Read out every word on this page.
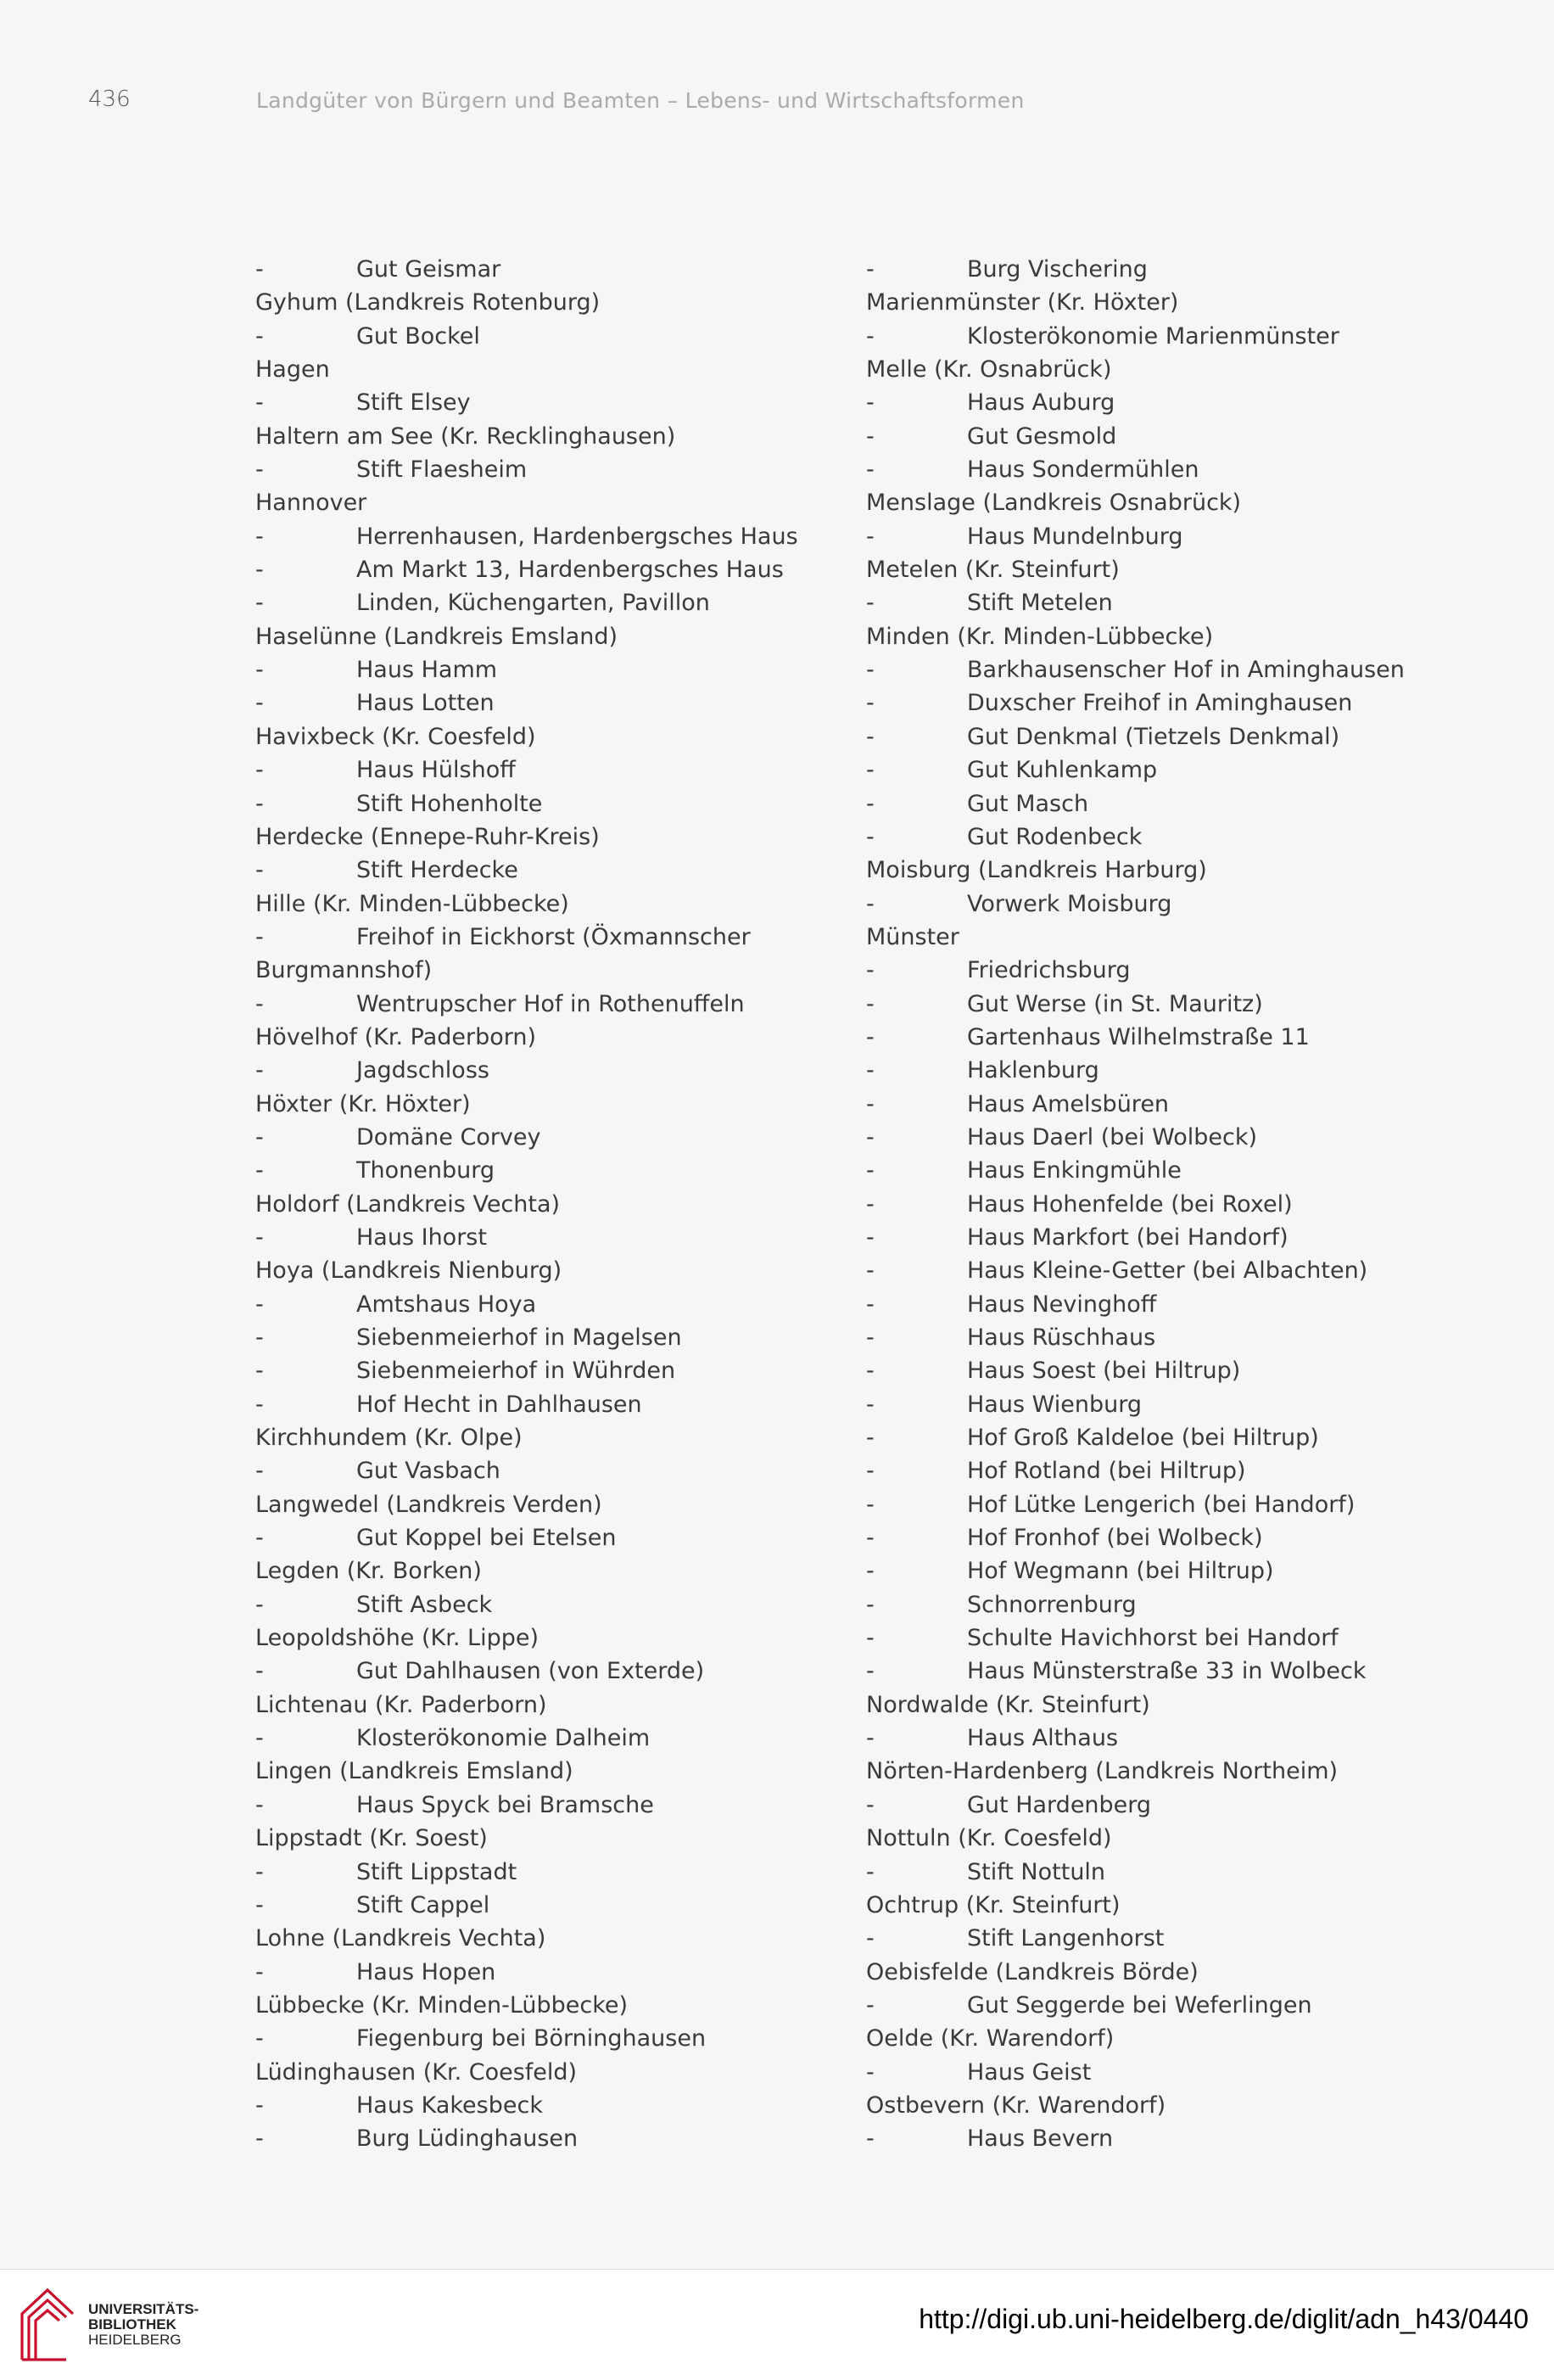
436	Landgüter von Bürgern und Beamten – Lebens- und Wirtschaftsformen
-	Gut Geismar
Gyhum (Landkreis Rotenburg)
-	Gut Bockel
Hagen
-	Stift Elsey
Haltern am See (Kr. Recklinghausen)
-	Stift Flaesheim
Hannover
-	Herrenhausen, Hardenbergsches Haus
-	Am Markt 13, Hardenbergsches Haus
-	Linden, Küchengarten, Pavillon
Haselünne (Landkreis Emsland)
-	Haus Hamm
-	Haus Lotten
Havixbeck (Kr. Coesfeld)
-	Haus Hülshoff
-	Stift Hohenholte
Herdecke (Ennepe-Ruhr-Kreis)
-	Stift Herdecke
Hille (Kr. Minden-Lübbecke)
-	Freihof in Eickhorst (Öxmannscher
Burgmannshof)
-	Wentrupscher Hof in Rothenuffeln
Hövelhof (Kr. Paderborn)
-	Jagdschloss
Höxter (Kr. Höxter)
-	Domäne Corvey
-	Thonenburg
Holdorf (Landkreis Vechta)
-	Haus Ihorst
Hoya (Landkreis Nienburg)
-	Amtshaus Hoya
-	Siebenmeierhof in Magelsen
-	Siebenmeierhof in Wührden
-	Hof Hecht in Dahlhausen
Kirchhundem (Kr. Olpe)
-	Gut Vasbach
Langwedel (Landkreis Verden)
-	Gut Koppel bei Etelsen
Legden (Kr. Borken)
-	Stift Asbeck
Leopoldshöhe (Kr. Lippe)
-	Gut Dahlhausen (von Exterde)
Lichtenau (Kr. Paderborn)
-	Klosterökonomie Dalheim
Lingen (Landkreis Emsland)
-	Haus Spyck bei Bramsche
Lippstadt (Kr. Soest)
-	Stift Lippstadt
-	Stift Cappel
Lohne (Landkreis Vechta)
-	Haus Hopen
Lübbecke (Kr. Minden-Lübbecke)
-	Fiegenburg bei Börninghausen
Lüdinghausen (Kr. Coesfeld)
-	Haus Kakesbeck
-	Burg Lüdinghausen
-	Burg Vischering
Marienmünster (Kr. Höxter)
-	Klosterökonomie Marienmünster
Melle (Kr. Osnabrück)
-	Haus Auburg
-	Gut Gesmold
-	Haus Sondermühlen
Menslage (Landkreis Osnabrück)
-	Haus Mundelnburg
Metelen (Kr. Steinfurt)
-	Stift Metelen
Minden (Kr. Minden-Lübbecke)
-	Barkhausenscher Hof in Aminghausen
-	Duxscher Freihof in Aminghausen
-	Gut Denkmal (Tietzels Denkmal)
-	Gut Kuhlenkamp
-	Gut Masch
-	Gut Rodenbeck
Moisburg (Landkreis Harburg)
-	Vorwerk Moisburg
Münster
-	Friedrichsburg
-	Gut Werse (in St. Mauritz)
-	Gartenhaus Wilhelmstraße 11
-	Haklenburg
-	Haus Amelsbüren
-	Haus Daerl (bei Wolbeck)
-	Haus Enkingmühle
-	Haus Hohenfelde (bei Roxel)
-	Haus Markfort (bei Handorf)
-	Haus Kleine-Getter (bei Albachten)
-	Haus Nevinghoff
-	Haus Rüschhaus
-	Haus Soest (bei Hiltrup)
-	Haus Wienburg
-	Hof Groß Kaldeloe (bei Hiltrup)
-	Hof Rotland (bei Hiltrup)
-	Hof Lütke Lengerich (bei Handorf)
-	Hof Fronhof (bei Wolbeck)
-	Hof Wegmann (bei Hiltrup)
-	Schnorrenburg
-	Schulte Havichhorst bei Handorf
-	Haus Münsterstraße 33 in Wolbeck
Nordwalde (Kr. Steinfurt)
-	Haus Althaus
Nörten-Hardenberg (Landkreis Northeim)
-	Gut Hardenberg
Nottuln (Kr. Coesfeld)
-	Stift Nottuln
Ochtrup (Kr. Steinfurt)
-	Stift Langenhorst
Oebisfelde (Landkreis Börde)
-	Gut Seggerde bei Weferlingen
Oelde (Kr. Warendorf)
-	Haus Geist
Ostbevern (Kr. Warendorf)
-	Haus Bevern
UNIVERSITÄTS-
BIBLIOTHEK
HEIDELBERG
http://digi.ub.uni-heidelberg.de/diglit/adn_h43/0440
